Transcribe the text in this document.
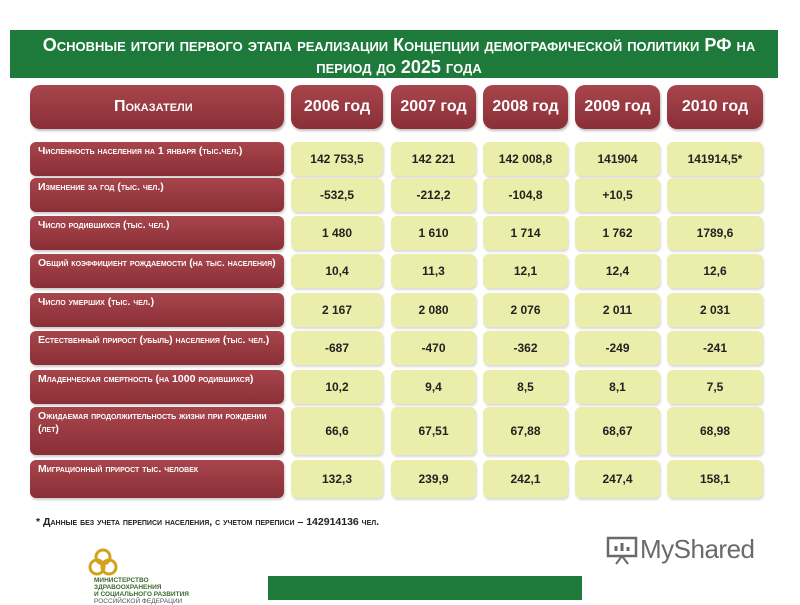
Основные итоги первого этапа реализации Концепции демографической политики РФ на период до 2025 года
Показатели	2006 год	2007 год	2008 год	2009 год	2010 год
Численность населения на 1 января (тыс.чел.)
142 753,5	142 221	142 008,8	141904	141914,5*
Изменение за год (тыс. чел.)
-532,5	-212,2	-104,8	+10,5
Число родившихся (тыс. чел.)
1 480	1 610	1 714	1 762	1789,6
Общий коэффициент рождаемости (на тыс. населения)
10,4	11,3	12,1	12,4	12,6
Число умерших (тыс. чел.)
2 167	2 080	2 076	2 011	2 031
Естественный прирост (убыль) населения (тыс. чел.)
-687	-470	-362	-249	-241
Младенческая смертность (на 1000 родившихся)
10,2	9,4	8,5	8,1	7,5
Ожидаемая продолжительность жизни при рождении (лет)	66,6	67,51	67,88	68,67	68,98
Миграционный прирост тыс. человек
132,3	239,9	242,1	247,4	158,1
* Данные без учета переписи населения, с учетом переписи – 142914136 чел.
МИНИСТЕРСТВО
ЗДРАВООХРАНЕНИЯ
И СОЦИАЛЬНОГО РАЗВИТИЯ
РОССИЙСКОЙ ФЕДЕРАЦИИ
MyShared
